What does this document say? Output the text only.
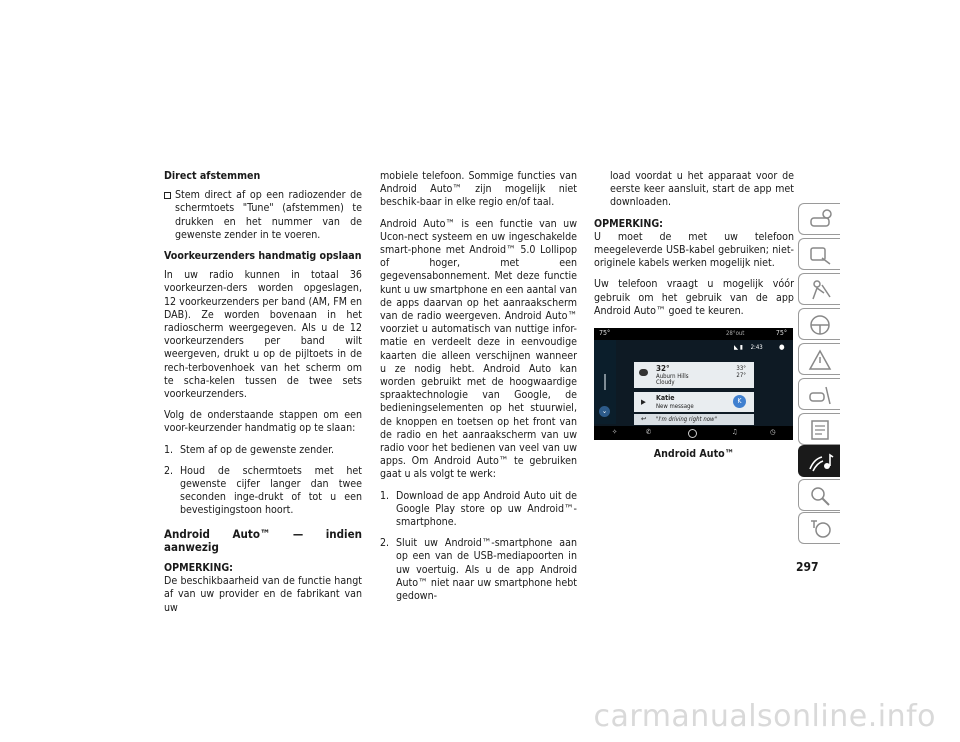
Direct afstemmen

Stem direct af op een radiozender de schermtoets "Tune" (afstemmen) te drukken en het nummer van de gewenste zender in te voeren.

Voorkeurzenders handmatig opslaan

In uw radio kunnen in totaal 36 voorkeurzen-ders worden opgeslagen, 12 voorkeurzenders per band (AM, FM en DAB). Ze worden bovenaan in het radioscherm weergegeven. Als u de 12 voorkeurzenders per band wilt weergeven, drukt u op de pijltoets in de rech-terbovenhoek van het scherm om te scha-kelen tussen de twee sets voorkeurzenders.

Volg de onderstaande stappen om een voor-keurzender handmatig op te slaan:

1. Stem af op de gewenste zender.
2. Houd de schermtoets met het gewenste cijfer langer dan twee seconden inge-drukt of tot u een bevestigingstoon hoort.

Android Auto™ — indien aanwezig

OPMERKING:

De beschikbaarheid van de functie hangt af van uw provider en de fabrikant van uw

mobiele telefoon. Sommige functies van Android Auto™ zijn mogelijk niet beschik-baar in elke regio en/of taal.

Android Auto™ is een functie van uw Ucon-nect systeem en uw ingeschakelde smart-phone met Android™ 5.0 Lollipop of hoger, met een gegevensabonnement. Met deze functie kunt u uw smartphone en een aantal van de apps daarvan op het aanraakscherm van de radio weergeven. Android Auto™ voorziet u automatisch van nuttige infor-matie en verdeelt deze in eenvoudige kaarten die alleen verschijnen wanneer u ze nodig hebt. Android Auto kan worden gebruikt met de hoogwaardige spraaktechnologie van Google, de bedieningselementen op het stuurwiel, de knoppen en toetsen op het front van de radio en het aanraakscherm van uw radio voor het bedienen van veel van uw apps. Om Android Auto™ te gebruiken gaat u als volgt te werk:

1. Download de app Android Auto uit de Google Play store op uw Android™-smartphone.
2. Sluit uw Android™-smartphone aan op een van de USB-mediapoorten in uw voertuig. Als u de app Android Auto™ niet naar uw smartphone hebt gedown-

load voordat u het apparaat voor de eerste keer aansluit, start de app met downloaden.

OPMERKING:

U moet de met uw telefoon meegeleverde USB-kabel gebruiken; niet-originele kabels werken mogelijk niet.

Uw telefoon vraagt u mogelijk vóór gebruik om het gebruik van de app Android Auto™ goed te keuren.

75°	28°out	75°
⌄
◣ ▮ 2:43 ●
32°
Auburn Hills
Cloudy
33°
27°
▶ Katie
New message
K
↩ "I'm driving right now"
✧	✆	♫	◷
Android Auto™
297
carmanualsonline.info
